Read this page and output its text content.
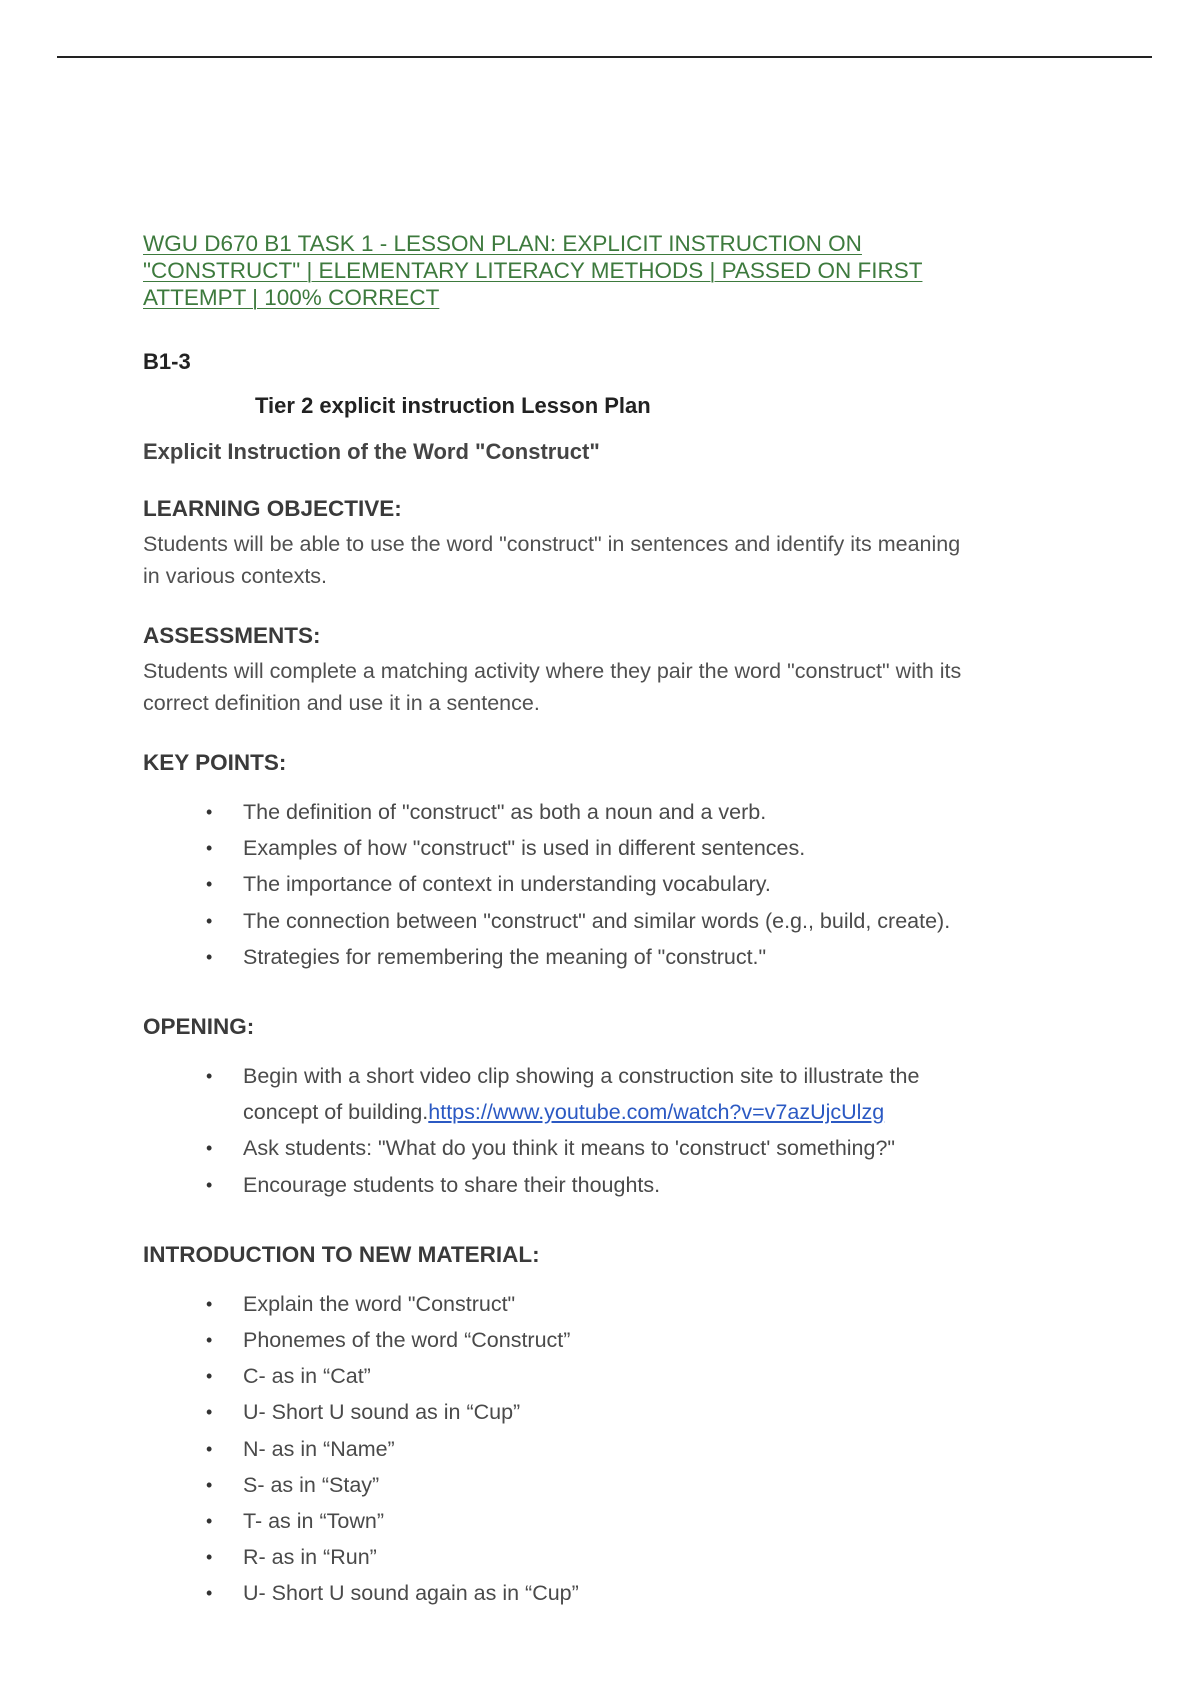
WGU D670 B1 TASK 1 - LESSON PLAN: EXPLICIT INSTRUCTION ON
"CONSTRUCT" | ELEMENTARY LITERACY METHODS | PASSED ON FIRST
ATTEMPT | 100% CORRECT
B1-3
Tier 2 explicit instruction Lesson Plan
Explicit Instruction of the Word "Construct"
LEARNING OBJECTIVE:
Students will be able to use the word "construct" in sentences and identify its meaning
in various contexts.
ASSESSMENTS:
Students will complete a matching activity where they pair the word "construct" with its
correct definition and use it in a sentence.
KEY POINTS:
• The definition of "construct" as both a noun and a verb.
• Examples of how "construct" is used in different sentences.
• The importance of context in understanding vocabulary.
• The connection between "construct" and similar words (e.g., build, create).
• Strategies for remembering the meaning of "construct."
OPENING:
• Begin with a short video clip showing a construction site to illustrate the
concept of building.https://www.youtube.com/watch?v=v7azUjcUlzg
• Ask students: "What do you think it means to 'construct' something?"
• Encourage students to share their thoughts.
INTRODUCTION TO NEW MATERIAL:
• Explain the word "Construct"
• Phonemes of the word “Construct”
• C- as in “Cat”
• U- Short U sound as in “Cup”
• N- as in “Name”
• S- as in “Stay”
• T- as in “Town”
• R- as in “Run”
• U- Short U sound again as in “Cup”
